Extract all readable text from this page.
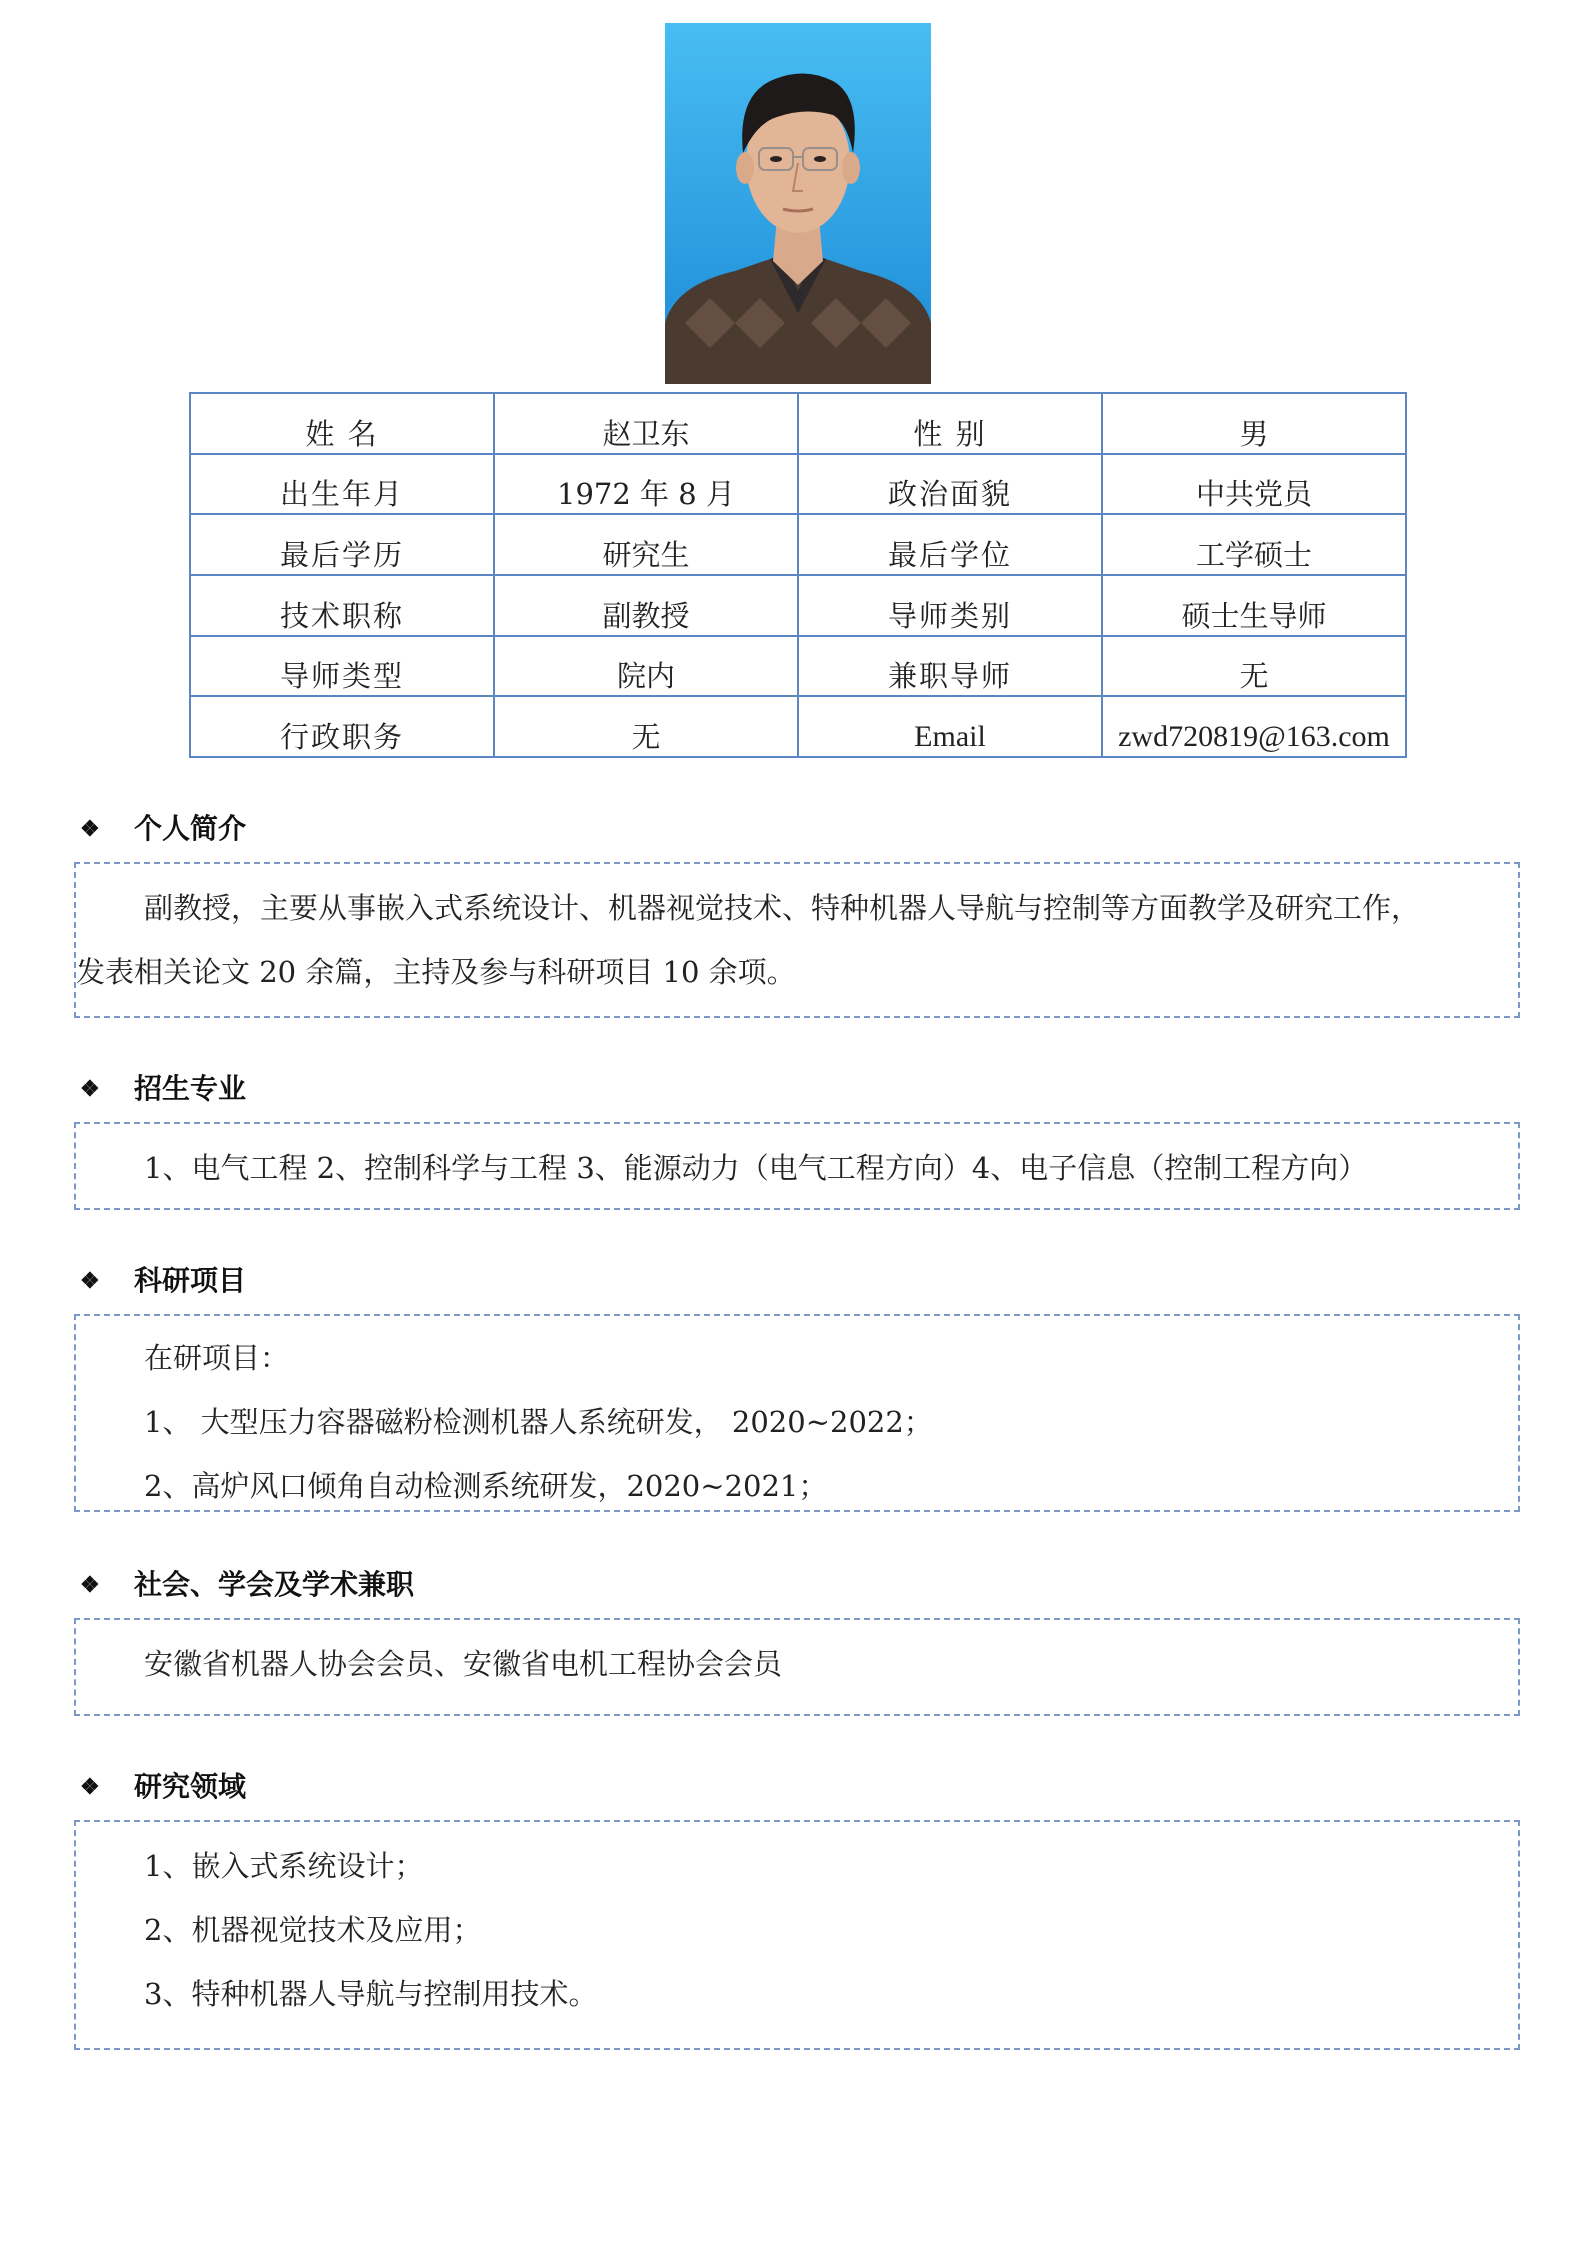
姓 名	赵卫东	性 别	男
出生年月	1972 年 8 月	政治面貌	中共党员
最后学历	研究生	最后学位	工学硕士
技术职称	副教授	导师类别	硕士生导师
导师类型	院内	兼职导师	无
行政职务	无	Email	zwd720819@163.com
❖ 个人简介

副教授，主要从事嵌入式系统设计、机器视觉技术、特种机器人导航与控制等方面教学及研究工作，

发表相关论文 20 余篇，主持及参与科研项目 10 余项。

❖ 招生专业

1、电气工程 2、控制科学与工程 3、能源动力（电气工程方向）4、电子信息（控制工程方向）

❖ 科研项目

在研项目：

1、 大型压力容器磁粉检测机器人系统研发， 2020~2022；

2、高炉风口倾角自动检测系统研发，2020~2021；

❖ 社会、学会及学术兼职

安徽省机器人协会会员、安徽省电机工程协会会员

❖ 研究领域

1、嵌入式系统设计；

2、机器视觉技术及应用；

3、特种机器人导航与控制用技术。
